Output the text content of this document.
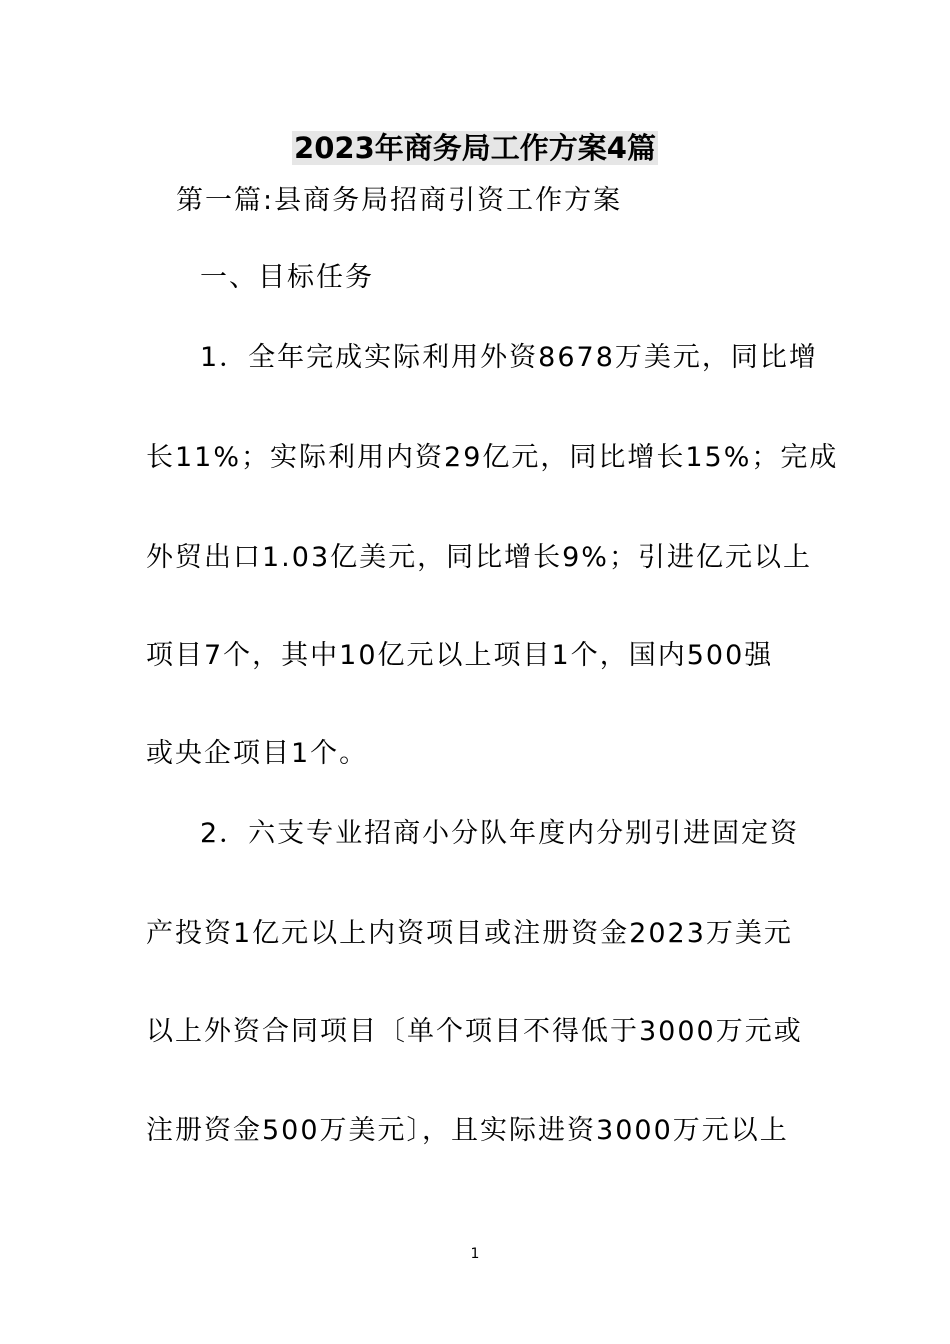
2023年商务局工作方案4篇
第一篇:县商务局招商引资工作方案
一、目标任务
1．全年完成实际利用外资8678万美元，同比增
长11%；实际利用内资29亿元，同比增长15%；完成
外贸出口1.03亿美元，同比增长9%；引进亿元以上
项目7个，其中10亿元以上项目1个，国内500强
或央企项目1个。
2．六支专业招商小分队年度内分别引进固定资
产投资1亿元以上内资项目或注册资金2023万美元
以上外资合同项目〔单个项目不得低于3000万元或
注册资金500万美元〕，且实际进资3000万元以上
1
